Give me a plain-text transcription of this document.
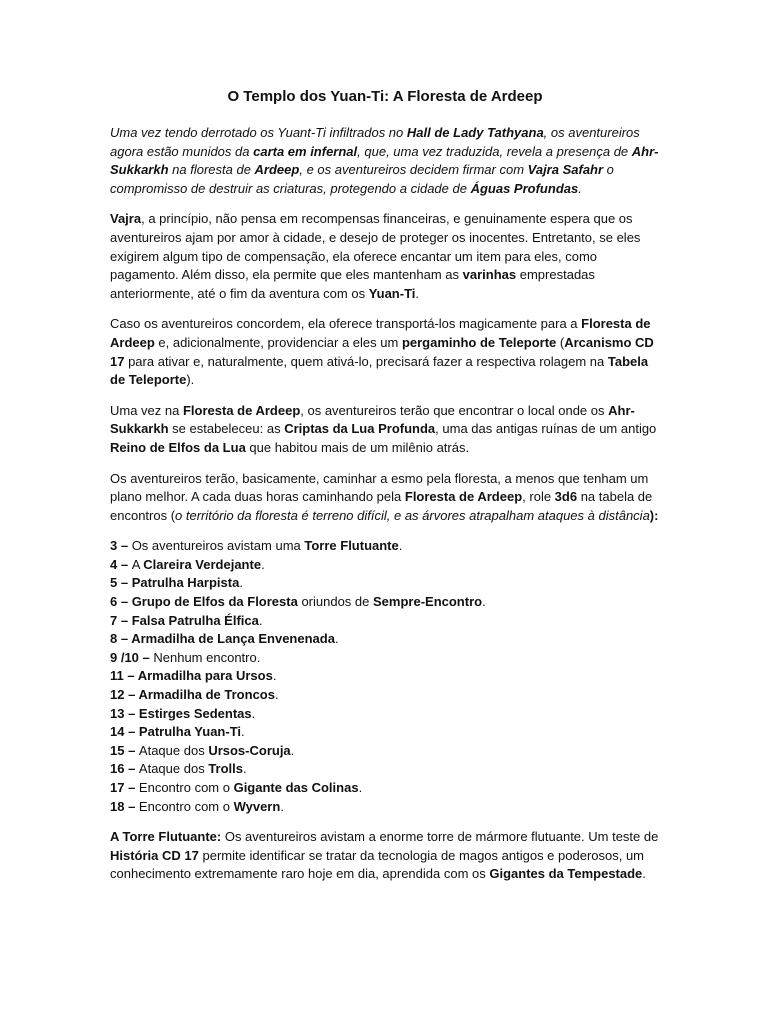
O Templo dos Yuan-Ti: A Floresta de Ardeep

Uma vez tendo derrotado os Yuant-Ti infiltrados no Hall de Lady Tathyana, os aventureiros agora estão munidos da carta em infernal, que, uma vez traduzida, revela a presença de Ahr-Sukkarkh na floresta de Ardeep, e os aventureiros decidem firmar com Vajra Safahr o compromisso de destruir as criaturas, protegendo a cidade de Águas Profundas.

Vajra, a princípio, não pensa em recompensas financeiras, e genuinamente espera que os aventureiros ajam por amor à cidade, e desejo de proteger os inocentes. Entretanto, se eles exigirem algum tipo de compensação, ela oferece encantar um item para eles, como pagamento. Além disso, ela permite que eles mantenham as varinhas emprestadas anteriormente, até o fim da aventura com os Yuan-Ti.

Caso os aventureiros concordem, ela oferece transportá-los magicamente para a Floresta de Ardeep e, adicionalmente, providenciar a eles um pergaminho de Teleporte (Arcanismo CD 17 para ativar e, naturalmente, quem ativá-lo, precisará fazer a respectiva rolagem na Tabela de Teleporte).

Uma vez na Floresta de Ardeep, os aventureiros terão que encontrar o local onde os Ahr-Sukkarkh se estabeleceu: as Criptas da Lua Profunda, uma das antigas ruínas de um antigo Reino de Elfos da Lua que habitou mais de um milênio atrás.

Os aventureiros terão, basicamente, caminhar a esmo pela floresta, a menos que tenham um plano melhor. A cada duas horas caminhando pela Floresta de Ardeep, role 3d6 na tabela de encontros (o território da floresta é terreno difícil, e as árvores atrapalham ataques à distância):

3 – Os aventureiros avistam uma Torre Flutuante.
4 – A Clareira Verdejante.
5 – Patrulha Harpista.
6 – Grupo de Elfos da Floresta oriundos de Sempre-Encontro.
7 – Falsa Patrulha Élfica.
8 – Armadilha de Lança Envenenada.
9 /10 – Nenhum encontro.
11 – Armadilha para Ursos.
12 – Armadilha de Troncos.
13 – Estirges Sedentas.
14 – Patrulha Yuan-Ti.
15 – Ataque dos Ursos-Coruja.
16 – Ataque dos Trolls.
17 – Encontro com o Gigante das Colinas.
18 – Encontro com o Wyvern.

A Torre Flutuante: Os aventureiros avistam a enorme torre de mármore flutuante. Um teste de História CD 17 permite identificar se tratar da tecnologia de magos antigos e poderosos, um conhecimento extremamente raro hoje em dia, aprendida com os Gigantes da Tempestade.
